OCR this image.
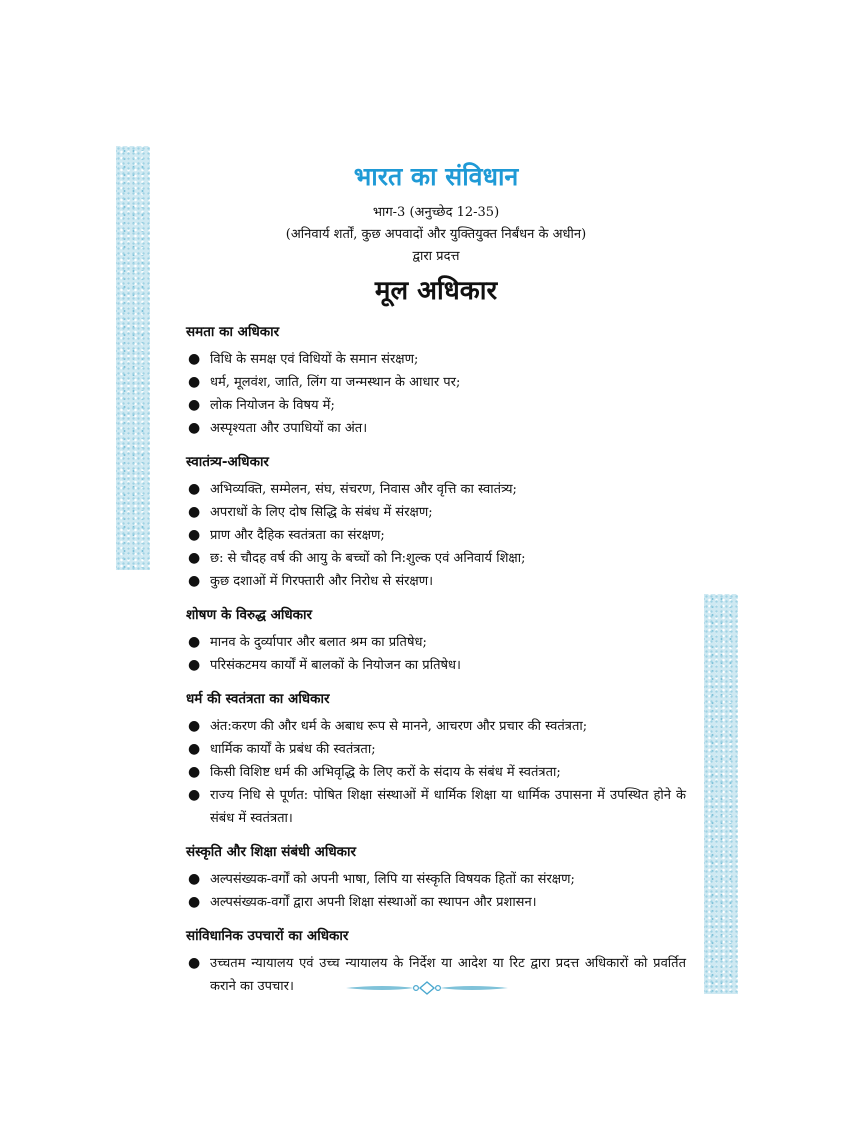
भारत का संविधान

भाग-3 (अनुच्छेद 12-35)

(अनिवार्य शर्तों, कुछ अपवादों और युक्तियुक्त निर्बंधन के अधीन)

द्वारा प्रदत्त

मूल अधिकार
समता का अधिकार
● विधि के समक्ष एवं विधियों के समान संरक्षण;
● धर्म, मूलवंश, जाति, लिंग या जन्मस्थान के आधार पर;
● लोक नियोजन के विषय में;
● अस्पृश्यता और उपाधियों का अंत।
स्वातंत्र्य-अधिकार
● अभिव्यक्ति, सम्मेलन, संघ, संचरण, निवास और वृत्ति का स्वातंत्र्य;
● अपराधों के लिए दोष सिद्धि के संबंध में संरक्षण;
● प्राण और दैहिक स्वतंत्रता का संरक्षण;
● छ: से चौदह वर्ष की आयु के बच्चों को नि:शुल्क एवं अनिवार्य शिक्षा;
● कुछ दशाओं में गिरफ्तारी और निरोध से संरक्षण।
शोषण के विरुद्ध अधिकार
● मानव के दुर्व्यापार और बलात श्रम का प्रतिषेध;
● परिसंकटमय कार्यों में बालकों के नियोजन का प्रतिषेध।
धर्म की स्वतंत्रता का अधिकार
● अंत:करण की और धर्म के अबाध रूप से मानने, आचरण और प्रचार की स्वतंत्रता;
● धार्मिक कार्यों के प्रबंध की स्वतंत्रता;
● किसी विशिष्ट धर्म की अभिवृद्धि के लिए करों के संदाय के संबंध में स्वतंत्रता;
● राज्य निधि से पूर्णत: पोषित शिक्षा संस्थाओं में धार्मिक शिक्षा या धार्मिक उपासना में उपस्थित होने के संबंध में स्वतंत्रता।
संस्कृति और शिक्षा संबंधी अधिकार
● अल्पसंख्यक-वर्गों को अपनी भाषा, लिपि या संस्कृति विषयक हितों का संरक्षण;
● अल्पसंख्यक-वर्गों द्वारा अपनी शिक्षा संस्थाओं का स्थापन और प्रशासन।
सांविधानिक उपचारों का अधिकार
● उच्चतम न्यायालय एवं उच्च न्यायालय के निर्देश या आदेश या रिट द्वारा प्रदत्त अधिकारों को प्रवर्तित कराने का उपचार।
